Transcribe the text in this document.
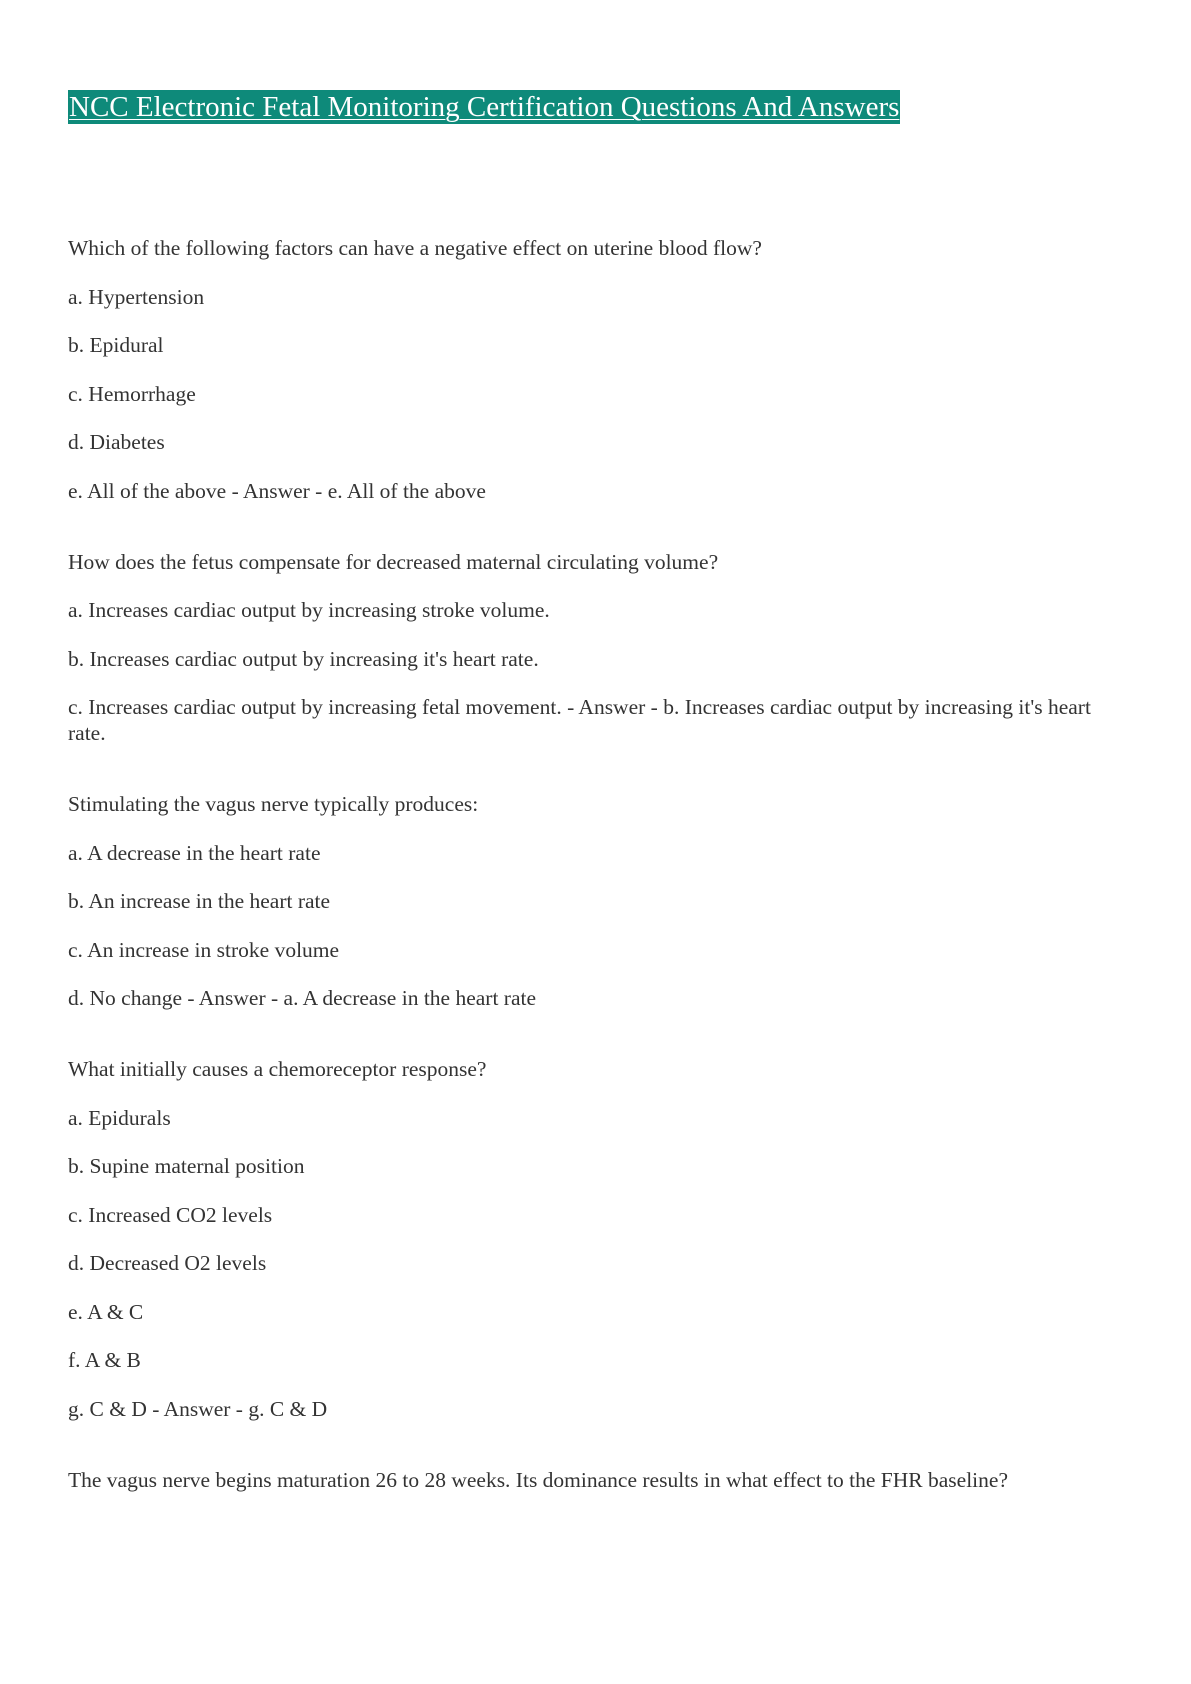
NCC Electronic Fetal Monitoring Certification Questions And Answers
Which of the following factors can have a negative effect on uterine blood flow?
a. Hypertension
b. Epidural
c. Hemorrhage
d. Diabetes
e. All of the above - Answer - e. All of the above
How does the fetus compensate for decreased maternal circulating volume?
a. Increases cardiac output by increasing stroke volume.
b. Increases cardiac output by increasing it's heart rate.
c. Increases cardiac output by increasing fetal movement. - Answer - b. Increases cardiac output by increasing it's heart rate.
Stimulating the vagus nerve typically produces:
a. A decrease in the heart rate
b. An increase in the heart rate
c. An increase in stroke volume
d. No change - Answer - a. A decrease in the heart rate
What initially causes a chemoreceptor response?
a. Epidurals
b. Supine maternal position
c. Increased CO2 levels
d. Decreased O2 levels
e. A & C
f. A & B
g. C & D - Answer - g. C & D
The vagus nerve begins maturation 26 to 28 weeks. Its dominance results in what effect to the FHR baseline?
